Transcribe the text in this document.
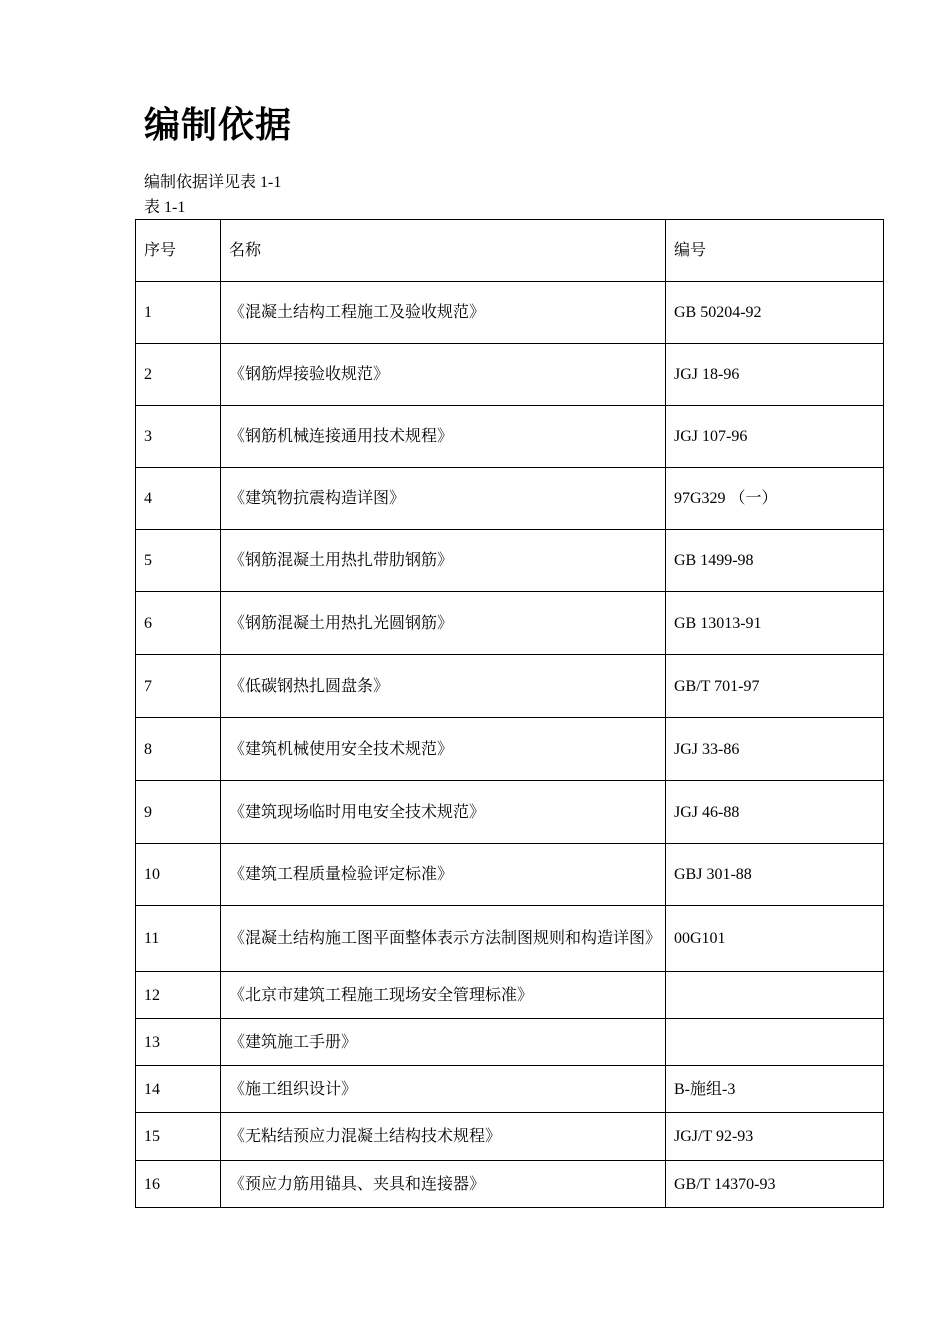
编制依据
编制依据详见表 1-1
表 1-1
序号	名称	编号
1	《混凝土结构工程施工及验收规范》	GB 50204-92
2	《钢筋焊接验收规范》	JGJ 18-96
3	《钢筋机械连接通用技术规程》	JGJ 107-96
4	《建筑物抗震构造详图》	97G329 （一）
5	《钢筋混凝土用热扎带肋钢筋》	GB 1499-98
6	《钢筋混凝土用热扎光圆钢筋》	GB 13013-91
7	《低碳钢热扎圆盘条》	GB/T 701-97
8	《建筑机械使用安全技术规范》	JGJ 33-86
9	《建筑现场临时用电安全技术规范》	JGJ 46-88
10	《建筑工程质量检验评定标准》	GBJ 301-88
11	《混凝土结构施工图平面整体表示方法制图规则和构造详图》	00G101
12	《北京市建筑工程施工现场安全管理标准》	
13	《建筑施工手册》	
14	《施工组织设计》	B-施组-3
15	《无粘结预应力混凝土结构技术规程》	JGJ/T 92-93
16	《预应力筋用锚具、夹具和连接器》	GB/T 14370-93
